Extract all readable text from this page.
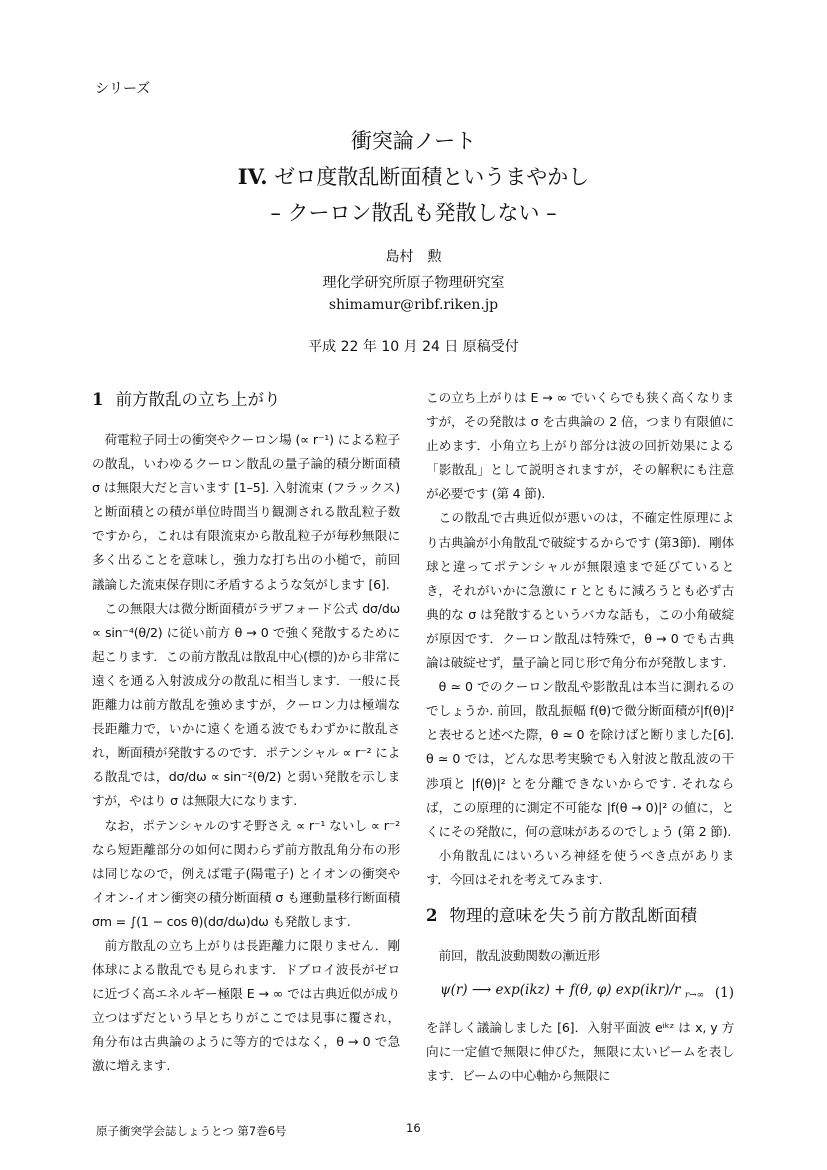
シリーズ
衝突論ノート
IV. ゼロ度散乱断面積というまやかし
– クーロン散乱も発散しない –
島村　勲
理化学研究所原子物理研究室
shimamur@ribf.riken.jp
平成 22 年 10 月 24 日 原稿受付
1 前方散乱の立ち上がり

荷電粒子同士の衝突やクーロン場 (∝ r⁻¹) による粒子の散乱，いわゆるクーロン散乱の量子論的積分断面積 σ は無限大だと言います [1–5]. 入射流束 (フラックス) と断面積との積が単位時間当り観測される散乱粒子数ですから，これは有限流束から散乱粒子が毎秒無限に多く出ることを意味し，強力な打ち出の小槌で，前回議論した流束保存則に矛盾するような気がします [6].

この無限大は微分断面積がラザフォード公式 dσ/dω ∝ sin⁻⁴(θ/2) に従い前方 θ → 0 で強く発散するために起こります．この前方散乱は散乱中心(標的)から非常に遠くを通る入射波成分の散乱に相当します．一般に長距離力は前方散乱を強めますが，クーロン力は極端な長距離力で，いかに遠くを通る波でもわずかに散乱され，断面積が発散するのです．ポテンシャル ∝ r⁻² による散乱では，dσ/dω ∝ sin⁻²(θ/2) と弱い発散を示しますが，やはり σ は無限大になります.

なお，ポテンシャルのすそ野さえ ∝ r⁻¹ ないし ∝ r⁻² なら短距離部分の如何に関わらず前方散乱角分布の形は同じなので，例えば電子(陽電子) とイオンの衝突やイオン-イオン衝突の積分断面積 σ も運動量移行断面積 σm = ∫(1 − cos θ)(dσ/dω)dω も発散します.

前方散乱の立ち上がりは長距離力に限りません．剛体球による散乱でも見られます．ドブロイ波長がゼロに近づく高エネルギー極限 E → ∞ では古典近似が成り立つはずだという早とちりがここでは見事に覆され，角分布は古典論のように等方的ではなく，θ → 0 で急激に増えます.

この立ち上がりは E → ∞ でいくらでも狭く高くなりますが，その発散は σ を古典論の 2 倍，つまり有限値に止めます．小角立ち上がり部分は波の回折効果による「影散乱」として説明されますが，その解釈にも注意が必要です (第 4 節).

この散乱で古典近似が悪いのは，不確定性原理により古典論が小角散乱で破綻するからです (第3節)．剛体球と違ってポテンシャルが無限遠まで延びているとき，それがいかに急激に r とともに減ろうとも必ず古典的な σ は発散するというバカな話も，この小角破綻が原因です．クーロン散乱は特殊で，θ → 0 でも古典論は破綻せず，量子論と同じ形で角分布が発散します.

θ ≃ 0 でのクーロン散乱や影散乱は本当に測れるのでしょうか. 前回，散乱振幅 f(θ)で微分断面積が|f(θ)|²と表せると述べた際，θ ≃ 0 を除けばと断りました[6]. θ ≃ 0 では，どんな思考実験でも入射波と散乱波の干渉項と |f(θ)|² とを分離できないからです. それならば，この原理的に測定不可能な |f(θ → 0)|² の値に，とくにその発散に，何の意味があるのでしょう (第 2 節).

小角散乱にはいろいろ神経を使うべき点があります．今回はそれを考えてみます.

2 物理的意味を失う前方散乱断面積

前回，散乱波動関数の漸近形

ψ(r) ⟶ exp(ikz) + f(θ, φ) exp(ikr)/r $_{r\to\infty}$ (1)

を詳しく議論しました [6]．入射平面波 eⁱᵏᶻ は x, y 方向に一定値で無限に伸びた，無限に太いビームを表します．ビームの中心軸から無限に

原子衝突学会誌しょうとつ 第7巻6号	16
